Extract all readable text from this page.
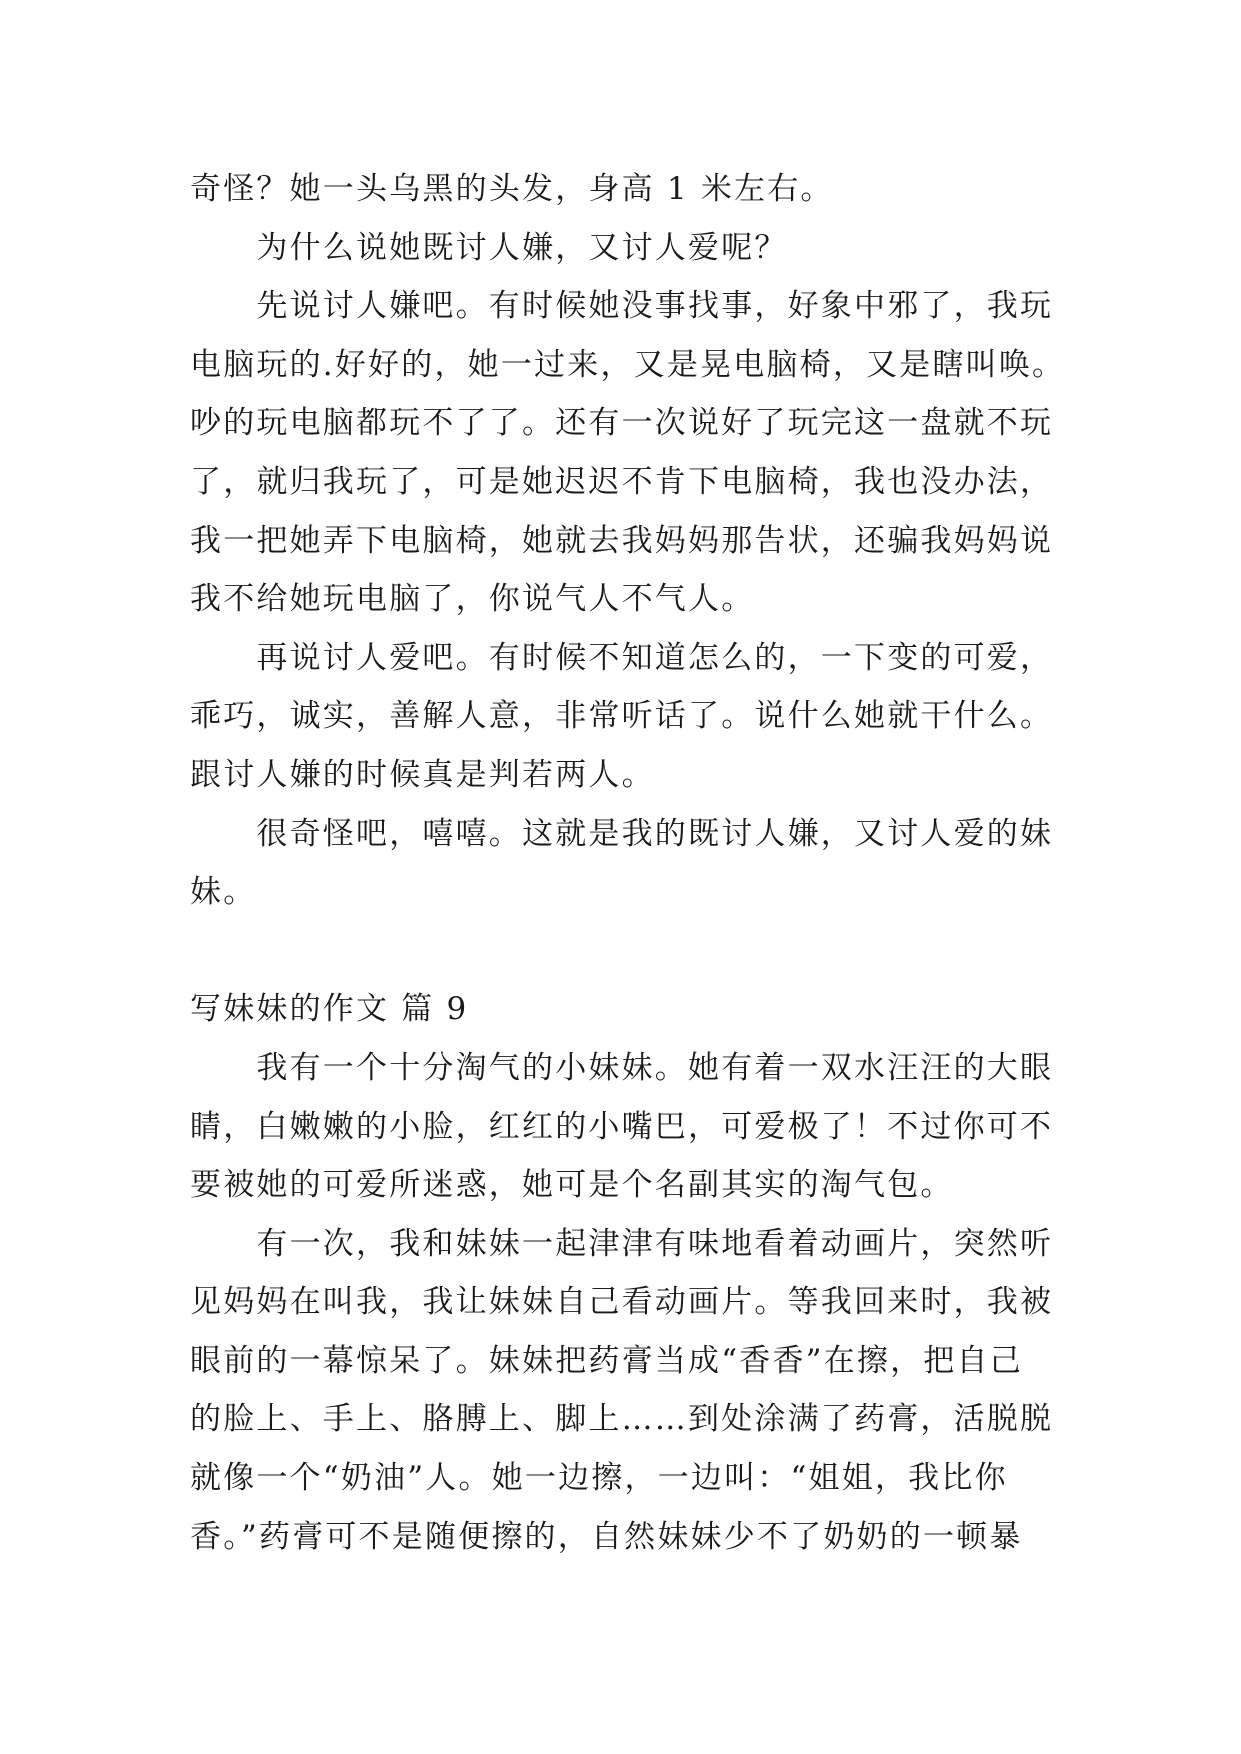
奇怪？她一头乌黑的头发，身高 1 米左右。
　　为什么说她既讨人嫌，又讨人爱呢？
　　先说讨人嫌吧。有时候她没事找事，好象中邪了，我玩
电脑玩的.好好的，她一过来，又是晃电脑椅，又是瞎叫唤。
吵的玩电脑都玩不了了。还有一次说好了玩完这一盘就不玩
了，就归我玩了，可是她迟迟不肯下电脑椅，我也没办法，
我一把她弄下电脑椅，她就去我妈妈那告状，还骗我妈妈说
我不给她玩电脑了，你说气人不气人。
　　再说讨人爱吧。有时候不知道怎么的，一下变的可爱，
乖巧，诚实，善解人意，非常听话了。说什么她就干什么。
跟讨人嫌的时候真是判若两人。
　　很奇怪吧，嘻嘻。这就是我的既讨人嫌，又讨人爱的妹
妹。
写妹妹的作文 篇 9
　　我有一个十分淘气的小妹妹。她有着一双水汪汪的大眼
睛，白嫩嫩的小脸，红红的小嘴巴，可爱极了！不过你可不
要被她的可爱所迷惑，她可是个名副其实的淘气包。
　　有一次，我和妹妹一起津津有味地看着动画片，突然听
见妈妈在叫我，我让妹妹自己看动画片。等我回来时，我被
眼前的一幕惊呆了。妹妹把药膏当成“香香”在擦，把自己
的脸上、手上、胳膊上、脚上……到处涂满了药膏，活脱脱
就像一个“奶油”人。她一边擦，一边叫：“姐姐，我比你
香。”药膏可不是随便擦的，自然妹妹少不了奶奶的一顿暴
